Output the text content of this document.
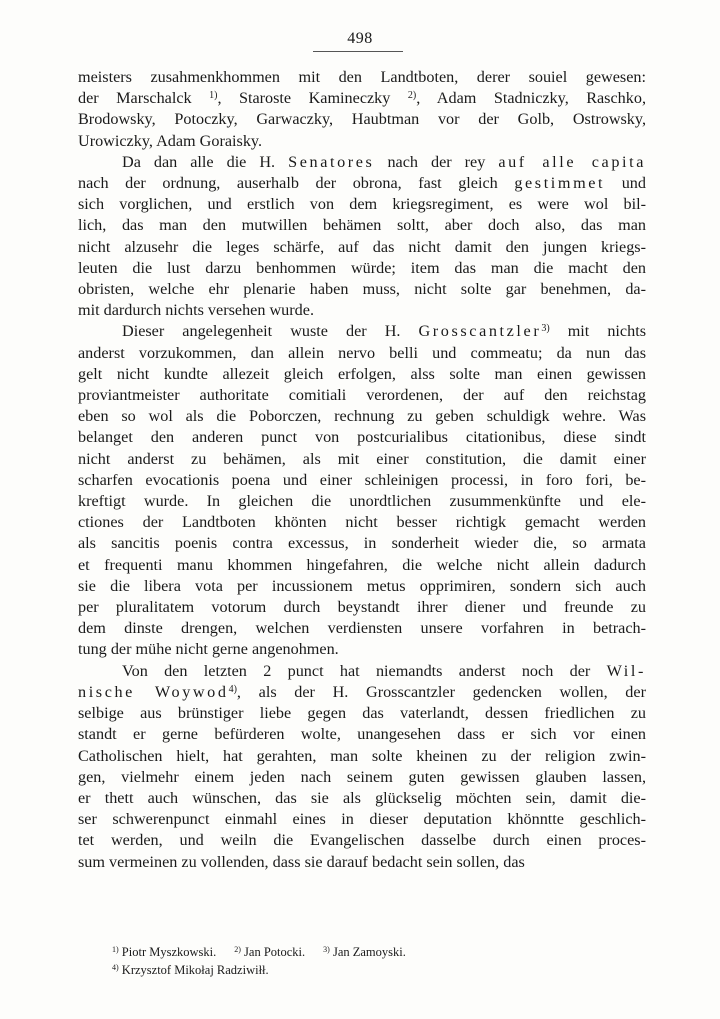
498

meisters zusahmenkhommen mit den Landtboten, derer souiel gewesen:
der Marschalck $^{1)}$, Staroste Kamineczky $^{2)}$, Adam Stadniczky, Raschko,
Brodowsky, Potoczky, Garwaczky, Haubtman vor der Golb, Ostrowsky,
Urowiczky, Adam Goraisky.

Da dan alle die H. Senatores nach der rey auf alle capita
nach der ordnung, auserhalb der obrona, fast gleich gestimmet und
sich vorglichen, und erstlich von dem kriegsregiment, es were wol bil-
lich, das man den mutwillen behämen soltt, aber doch also, das man
nicht alzusehr die leges schärfe, auf das nicht damit den jungen kriegs-
leuten die lust darzu benhommen würde; item das man die macht den
obristen, welche ehr plenarie haben muss, nicht solte gar benehmen, da-
mit dardurch nichts versehen wurde.

Dieser angelegenheit wuste der H. Grosscantzler$^{3)}$ mit nichts
anderst vorzukommen, dan allein nervo belli und commeatu; da nun das
gelt nicht kundte allezeit gleich erfolgen, alss solte man einen gewissen
proviantmeister authoritate comitiali verordenen, der auf den reichstag
eben so wol als die Poborczen, rechnung zu geben schuldigk wehre. Was
belanget den anderen punct von postcurialibus citationibus, diese sindt
nicht anderst zu behämen, als mit einer constitution, die damit einer
scharfen evocationis poena und einer schleinigen processi, in foro fori, be-
kreftigt wurde. In gleichen die unordtlichen zusummenkünfte und ele-
ctiones der Landtboten khönten nicht besser richtigk gemacht werden
als sancitis poenis contra excessus, in sonderheit wieder die, so armata
et frequenti manu khommen hingefahren, die welche nicht allein dadurch
sie die libera vota per incussionem metus opprimiren, sondern sich auch
per pluralitatem votorum durch beystandt ihrer diener und freunde zu
dem dinste drengen, welchen verdiensten unsere vorfahren in betrach-
tung der mühe nicht gerne angenohmen.

Von den letzten 2 punct hat niemandts anderst noch der Wil-
nische Woywod$^{4)}$, als der H. Grosscantzler gedencken wollen, der
selbige aus brünstiger liebe gegen das vaterlandt, dessen friedlichen zu
standt er gerne befürderen wolte, unangesehen dass er sich vor einen
Catholischen hielt, hat gerahten, man solte kheinen zu der religion zwin-
gen, vielmehr einem jeden nach seinem guten gewissen glauben lassen,
er thett auch wünschen, das sie als glückselig möchten sein, damit die-
ser schwerenpunct einmahl eines in dieser deputation khönntte geschlich-
tet werden, und weiln die Evangelischen dasselbe durch einen proces-
sum vermeinen zu vollenden, dass sie darauf bedacht sein sollen, das

$^{1)}$ Piotr Myszkowski. $^{2)}$ Jan Potocki. $^{3)}$ Jan Zamoyski.
$^{4)}$ Krzysztof Mikołaj Radziwiłł.
